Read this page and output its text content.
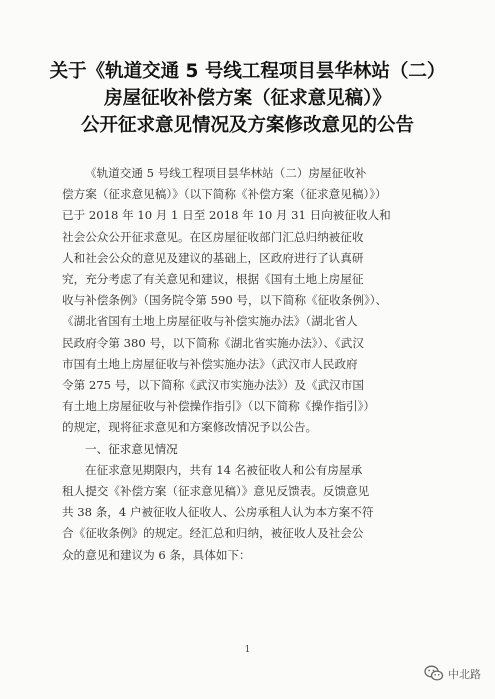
关于《轨道交通 5 号线工程项目昙华林站（二）
房屋征收补偿方案（征求意见稿）》
公开征求意见情况及方案修改意见的公告
《轨道交通 5 号线工程项目昙华林站（二）房屋征收补
偿方案（征求意见稿）》（以下简称《补偿方案（征求意见稿）》）
已于 2018 年 10 月 1 日至 2018 年 10 月 31 日向被征收人和
社会公众公开征求意见。在区房屋征收部门汇总归纳被征收
人和社会公众的意见及建议的基础上，区政府进行了认真研
究，充分考虑了有关意见和建议，根据《国有土地上房屋征
收与补偿条例》（国务院令第 590 号，以下简称《征收条例》）、
《湖北省国有土地上房屋征收与补偿实施办法》（湖北省人
民政府令第 380 号，以下简称《湖北省实施办法》）、《武汉
市国有土地上房屋征收与补偿实施办法》（武汉市人民政府
令第 275 号，以下简称《武汉市实施办法》）及《武汉市国
有土地上房屋征收与补偿操作指引》（以下简称《操作指引》）
的规定，现将征求意见和方案修改情况予以公告。
一、征求意见情况
在征求意见期限内，共有 14 名被征收人和公有房屋承
租人提交《补偿方案（征求意见稿）》意见反馈表。反馈意见
共 38 条，4 户被征收人征收人、公房承租人认为本方案不符
合《征收条例》的规定。经汇总和归纳，被征收人及社会公
众的意见和建议为 6 条，具体如下：
1
中北路
